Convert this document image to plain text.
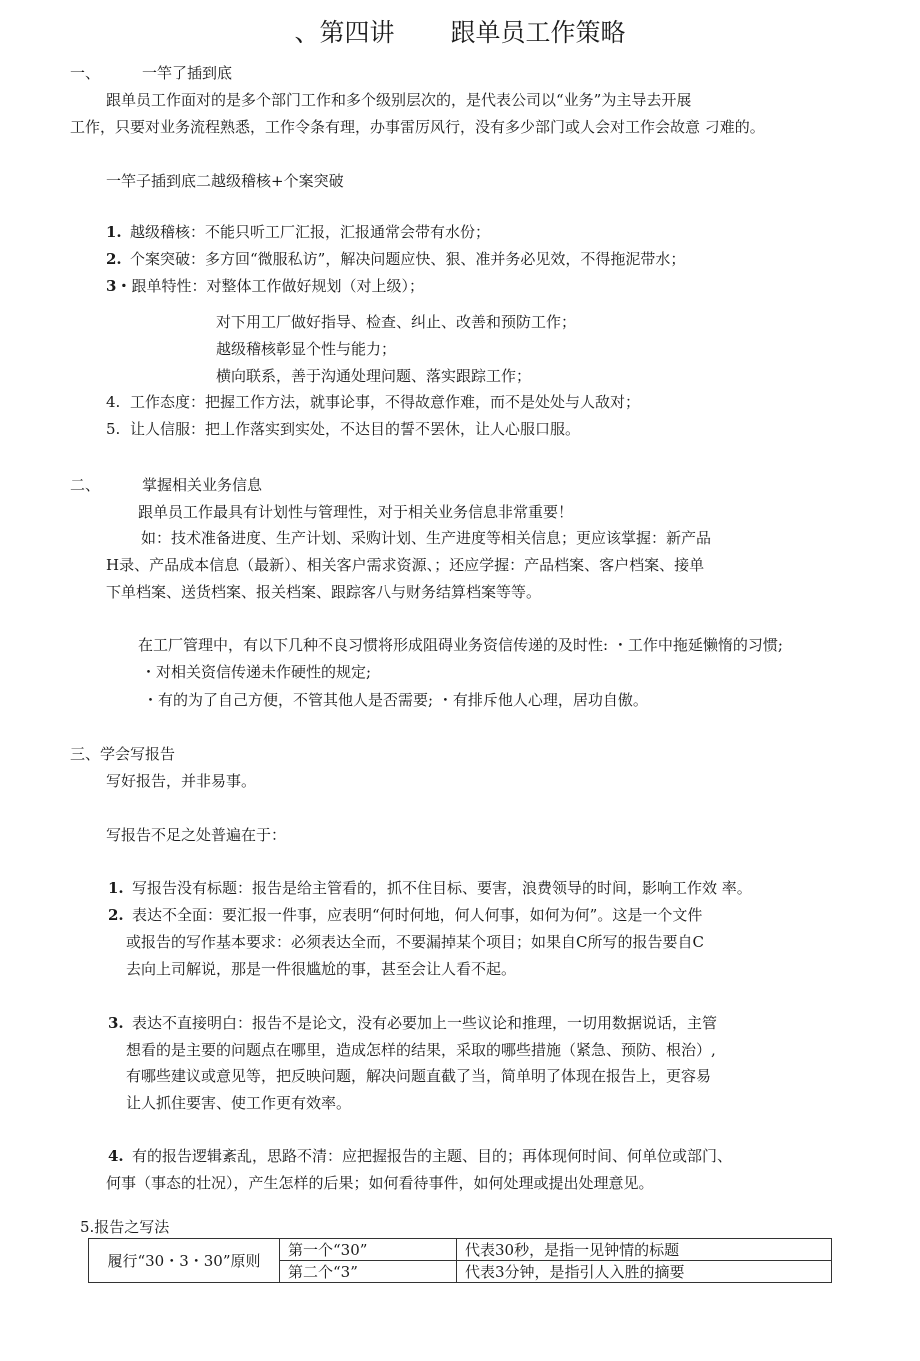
、第四讲 跟单员工作策略
一、	一竿了插到底
跟单员工作面对的是多个部门工作和多个级别层次的，是代表公司以“业务”为主导去开展
工作，只要对业务流程熟悉，工作令条有理，办事雷厉风行，没有多少部门或人会对工作会故意 刁难的。
一竿子插到底二越级稽核+个案突破
1. 越级稽核：不能只听工厂汇报，汇报通常会带有水份；
2. 个案突破：多方回“微服私访”，解决问题应快、狠、准并务必见效，不得拖泥带水；
3・跟单特性：对整体工作做好规划（对上级）；
对下用工厂做好指导、检查、纠止、改善和预防工作；
越级稽核彰显个性与能力；
横向联系，善于沟通处理问题、落实跟踪工作；
4. 工作态度：把握工作方法，就事论事，不得故意作难，而不是处处与人敌对；
5. 让人信服：把丄作落实到实处，不达目的誓不罢休，让人心服口服。
二、	掌握相关业务信息
跟单员工作最具有计划性与管理性，对于相关业务信息非常重要！
如：技术准备进度、生产计划、采购计划、生产进度等相关信息；更应该掌握：新产品
H录、产品成本信息（最新）、相关客户需求资源、；还应学握：产品档案、客户档案、接单
下单档案、送货档案、报关档案、跟踪客八与财务结算档案等等。
在工厂管理中，有以下几种不良习惯将形成阻碍业务资信传递的及时性: ・工作中拖延懒惰的习惯;
・对相关资信传递未作硬性的规定;
・有的为了自己方便，不管其他人是否需要; ・有排斥他人心理，居功自傲。
三、学会写报告
写好报告，并非易事。
写报告不足之处普遍在于：
1. 写报告没有标题：报告是给主管看的，抓不住目标、要害，浪费领导的时间，影响工作效 率。
2. 表达不全面：要汇报一件事，应表明“何时何地，何人何事，如何为何”。这是一个文件
或报告的写作基本要求：必须表达全而，不要漏掉某个项目；如果自C所写的报告要自C
去向上司解说，那是一件很尴尬的事，甚至会让人看不起。
3. 表达不直接明白：报告不是论文，没有必要加上一些议论和推理，一切用数据说话，主管
想看的是主要的问题点在哪里，造成怎样的结果，采取的哪些措施（紧急、预防、根治）,
有哪些建议或意见等，把反映问题，解决问题直截了当，简单明了体现在报告上，更容易
让人抓住要害、使工作更有效率。
4. 有的报告逻辑紊乱，思路不清：应把握报告的主题、目的；再体现何时间、何单位或部门、
何事（事态的壮况），产生怎样的后果；如何看待事件，如何处理或提出处理意见。
5.报告之写法
履行“30・3・30”原则	第一个“30”	代表30秒，是指一见钟情的标题
	第二个“3”	代表3分钟，是指引人入胜的摘要
